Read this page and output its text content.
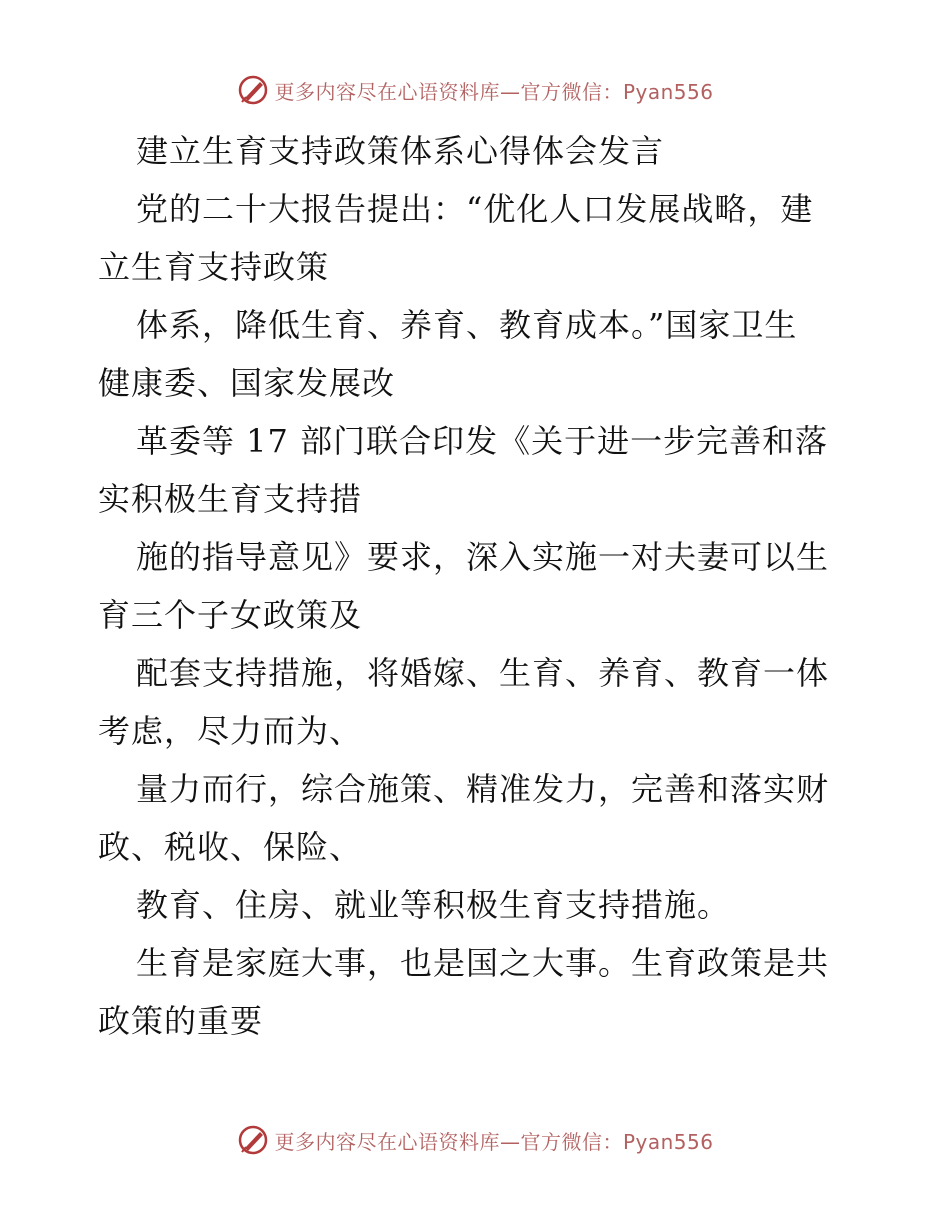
更多内容尽在心语资料库—官方微信：Pyan556
建立生育支持政策体系心得体会发言
党的二十大报告提出：“优化人口发展战略，建
立生育支持政策
体系，降低生育、养育、教育成本。”国家卫生
健康委、国家发展改
革委等 17 部门联合印发《关于进一步完善和落
实积极生育支持措
施的指导意见》要求，深入实施一对夫妻可以生
育三个子女政策及
配套支持措施，将婚嫁、生育、养育、教育一体
考虑，尽力而为、
量力而行，综合施策、精准发力，完善和落实财
政、税收、保险、
教育、住房、就业等积极生育支持措施。
生育是家庭大事，也是国之大事。生育政策是共
政策的重要
更多内容尽在心语资料库—官方微信：Pyan556
